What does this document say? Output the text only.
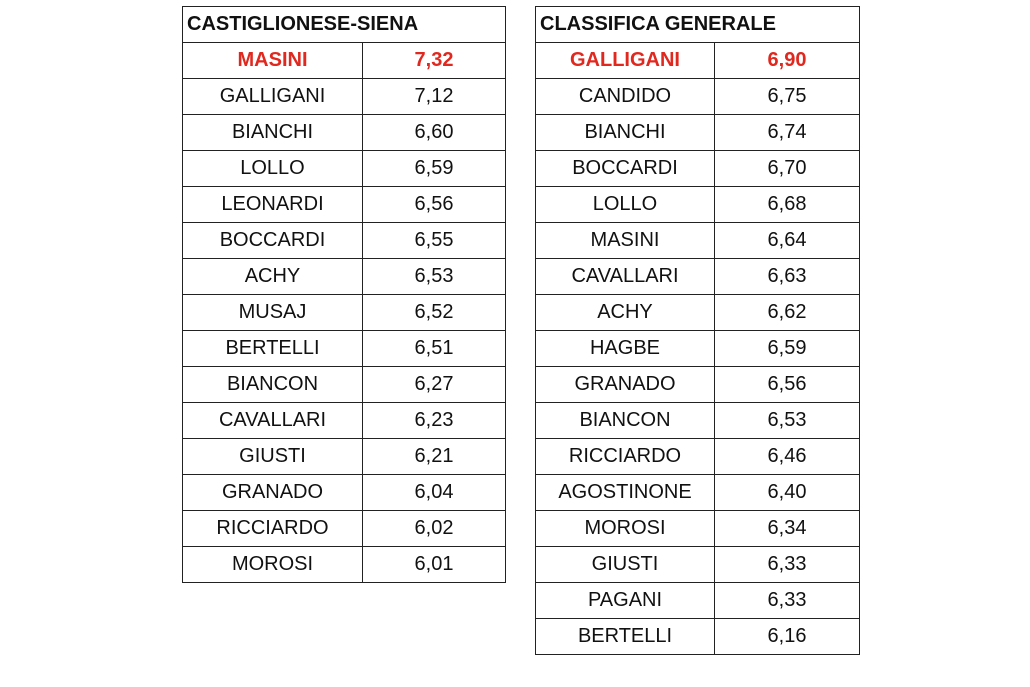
CASTIGLIONESE-SIENA	
MASINI	7,32
GALLIGANI	7,12
BIANCHI	6,60
LOLLO	6,59
LEONARDI	6,56
BOCCARDI	6,55
ACHY	6,53
MUSAJ	6,52
BERTELLI	6,51
BIANCON	6,27
CAVALLARI	6,23
GIUSTI	6,21
GRANADO	6,04
RICCIARDO	6,02
MOROSI	6,01
CLASSIFICA GENERALE	
GALLIGANI	6,90
CANDIDO	6,75
BIANCHI	6,74
BOCCARDI	6,70
LOLLO	6,68
MASINI	6,64
CAVALLARI	6,63
ACHY	6,62
HAGBE	6,59
GRANADO	6,56
BIANCON	6,53
RICCIARDO	6,46
AGOSTINONE	6,40
MOROSI	6,34
GIUSTI	6,33
PAGANI	6,33
BERTELLI	6,16
